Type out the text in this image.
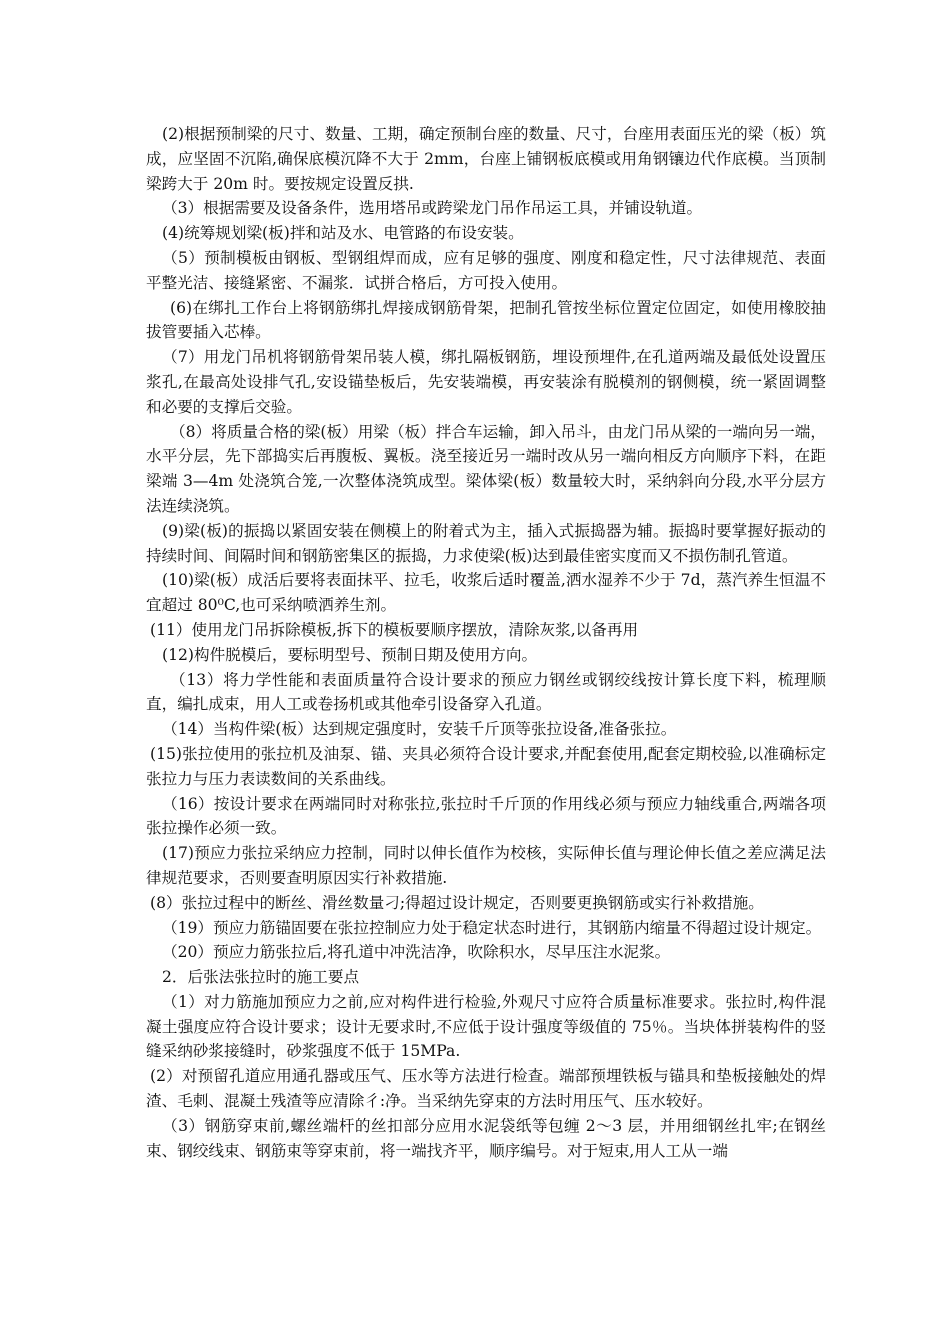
(2)根据预制梁的尺寸、数量、工期，确定预制台座的数量、尺寸，台座用表面压光的梁（板）筑成，应坚固不沉陷,确保底模沉降不大于 2mm，台座上铺钢板底模或用角钢镶边代作底模。当顶制梁跨大于 20m 时。要按规定设置反拱.

（3）根据需要及设备条件，选用塔吊或跨梁龙门吊作吊运工具，并铺设轨道。

(4)统筹规划梁(板)拌和站及水、电管路的布设安装。

（5）预制模板由钢板、型钢组焊而成，应有足够的强度、刚度和稳定性，尺寸法律规范、表面平整光洁、接缝紧密、不漏浆．试拼合格后，方可投入使用。

(6)在绑扎工作台上将钢筋绑扎焊接成钢筋骨架，把制孔管按坐标位置定位固定，如使用橡胶抽拔管要插入芯棒。

（7）用龙门吊机将钢筋骨架吊装人模，绑扎隔板钢筋，埋设预埋件,在孔道两端及最低处设置压浆孔,在最高处设排气孔,安设锚垫板后，先安装端模，再安装涂有脱模剂的钢侧模，统一紧固调整和必要的支撑后交验。

（8）将质量合格的梁(板）用梁（板）拌合车运输，卸入吊斗，由龙门吊从梁的一端向另一端，水平分层，先下部捣实后再腹板、翼板。浇至接近另一端时改从另一端向相反方向顺序下料，在距梁端 3—4m 处浇筑合笼,一次整体浇筑成型。梁体梁(板）数量较大时，采纳斜向分段,水平分层方法连续浇筑。

(9)梁(板)的振捣以紧固安装在侧模上的附着式为主，插入式振捣器为辅。振捣时要掌握好振动的持续时间、间隔时间和钢筋密集区的振捣，力求使梁(板)达到最佳密实度而又不损伤制孔管道。

(10)梁(板）成活后要将表面抹平、拉毛，收浆后适时覆盖,洒水湿养不少于 7d，蒸汽养生恒温不宜超过 80⁰C,也可采纳喷洒养生剂。

(11）使用龙门吊拆除模板,拆下的模板要顺序摆放，清除灰浆,以备再用

(12)构件脱模后，要标明型号、预制日期及使用方向。

（13）将力学性能和表面质量符合设计要求的预应力钢丝或钢绞线按计算长度下料，梳理顺直，编扎成束，用人工或卷扬机或其他牵引设备穿入孔道。

（14）当构件梁(板）达到规定强度时，安装千斤顶等张拉设备,准备张拉。

(15)张拉使用的张拉机及油泵、锚、夹具必须符合设计要求,并配套使用,配套定期校验,以准确标定张拉力与压力表读数间的关系曲线。

（16）按设计要求在两端同时对称张拉,张拉时千斤顶的作用线必须与预应力轴线重合,两端各项张拉操作必须一致。

(17)预应力张拉采纳应力控制，同时以伸长值作为校核，实际伸长值与理论伸长值之差应满足法律规范要求，否则要查明原因实行补救措施.

(8）张拉过程中的断丝、滑丝数量刁;得超过设计规定，否则要更换钢筋或实行补救措施。

（19）预应力筋锚固要在张拉控制应力处于稳定状态时进行，其钢筋内缩量不得超过设计规定。

（20）预应力筋张拉后,将孔道中冲洗洁净，吹除积水，尽早压注水泥浆。

2．后张法张拉时的施工要点

（1）对力筋施加预应力之前,应对构件进行检验,外观尺寸应符合质量标准要求。张拉时,构件混凝土强度应符合设计要求；设计无要求时,不应低于设计强度等级值的 75％。当块体拼装构件的竖缝采纳砂浆接缝时，砂浆强度不低于 15MPa.

(2）对预留孔道应用通孔器或压气、压水等方法进行检查。端部预埋铁板与锚具和垫板接触处的焊渣、毛刺、混凝土残渣等应清除彳:净。当采纳先穿束的方法时用压气、压水较好。

（3）钢筋穿束前,螺丝端杆的丝扣部分应用水泥袋纸等包缠 2～3 层，并用细钢丝扎牢;在钢丝束、钢绞线束、钢筋束等穿束前，将一端找齐平，顺序编号。对于短束,用人工从一端
